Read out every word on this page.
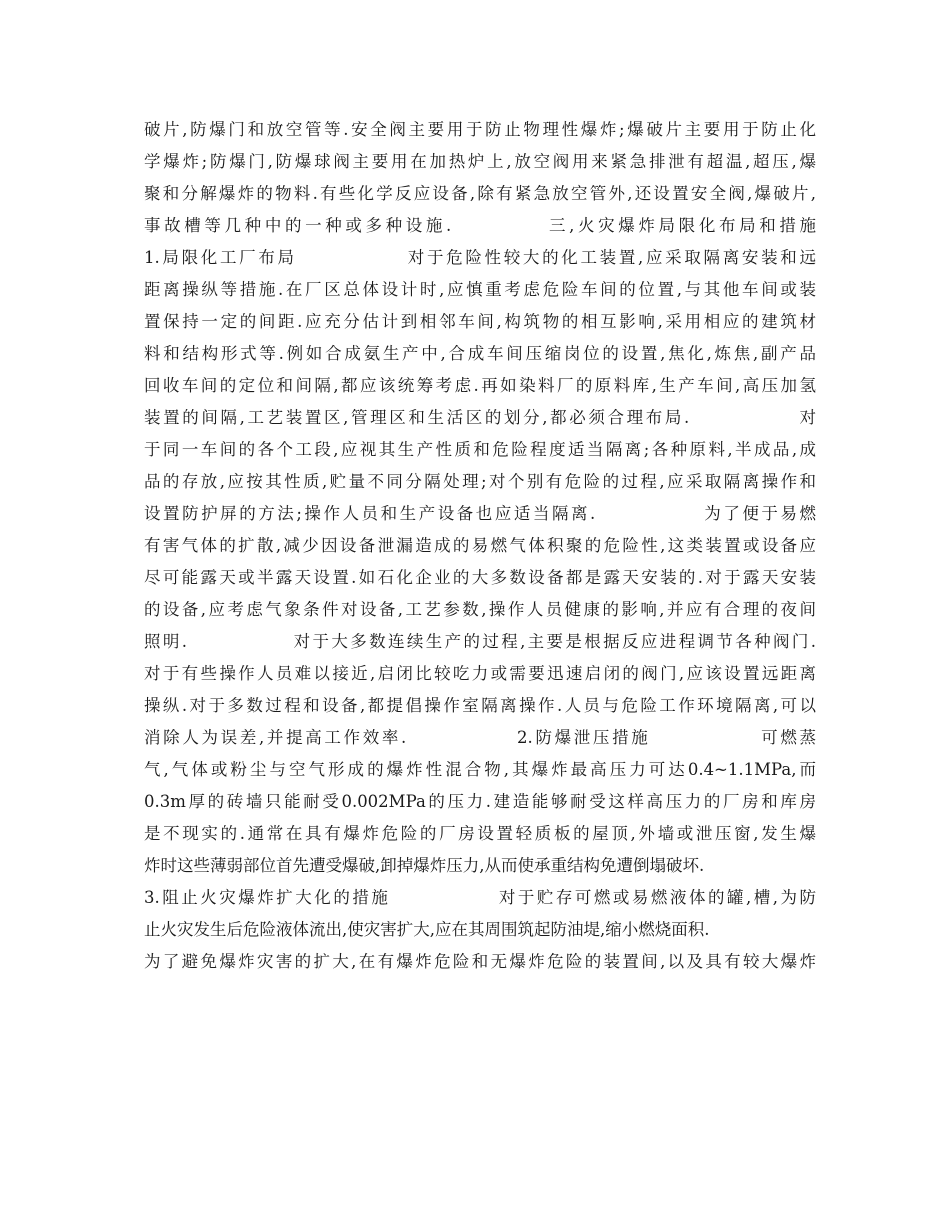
破片,防爆门和放空管等.安全阀主要用于防止物理性爆炸;爆破片主要用于防止化
学爆炸;防爆门,防爆球阀主要用在加热炉上,放空阀用来紧急排泄有超温,超压,爆
聚和分解爆炸的物料.有些化学反应设备,除有紧急放空管外,还设置安全阀,爆破片,
事故槽等几种中的一种或多种设施.           三,火灾爆炸局限化布局和措施
1.局限化工厂布局              对于危险性较大的化工装置,应采取隔离安装和远
距离操纵等措施.在厂区总体设计时,应慎重考虑危险车间的位置,与其他车间或装
置保持一定的间距.应充分估计到相邻车间,构筑物的相互影响,采用相应的建筑材
料和结构形式等.例如合成氨生产中,合成车间压缩岗位的设置,焦化,炼焦,副产品
回收车间的定位和间隔,都应该统筹考虑.再如染料厂的原料库,生产车间,高压加氢
装置的间隔,工艺装置区,管理区和生活区的划分,都必须合理布局.              对
于同一车间的各个工段,应视其生产性质和危险程度适当隔离;各种原料,半成品,成
品的存放,应按其性质,贮量不同分隔处理;对个别有危险的过程,应采取隔离操作和
设置防护屏的方法;操作人员和生产设备也应适当隔离.              为了便于易燃
有害气体的扩散,减少因设备泄漏造成的易燃气体积聚的危险性,这类装置或设备应
尽可能露天或半露天设置.如石化企业的大多数设备都是露天安装的.对于露天安装
的设备,应考虑气象条件对设备,工艺参数,操作人员健康的影响,并应有合理的夜间
照明.              对于大多数连续生产的过程,主要是根据反应进程调节各种阀门.
对于有些操作人员难以接近,启闭比较吃力或需要迅速启闭的阀门,应该设置远距离
操纵.对于多数过程和设备,都提倡操作室隔离操作.人员与危险工作环境隔离,可以
消除人为误差,并提高工作效率.              2.防爆泄压措施              可燃蒸
气,气体或粉尘与空气形成的爆炸性混合物,其爆炸最高压力可达0.4~1.1MPa,而
0.3m厚的砖墙只能耐受0.002MPa的压力.建造能够耐受这样高压力的厂房和库房
是不现实的.通常在具有爆炸危险的厂房设置轻质板的屋顶,外墙或泄压窗,发生爆
炸时这些薄弱部位首先遭受爆破,卸掉爆炸压力,从而使承重结构免遭倒塌破坏.
3.阻止火灾爆炸扩大化的措施              对于贮存可燃或易燃液体的罐,槽,为防
止火灾发生后危险液体流出,使灾害扩大,应在其周围筑起防油堤,缩小燃烧面积.
为了避免爆炸灾害的扩大,在有爆炸危险和无爆炸危险的装置间,以及具有较大爆炸
